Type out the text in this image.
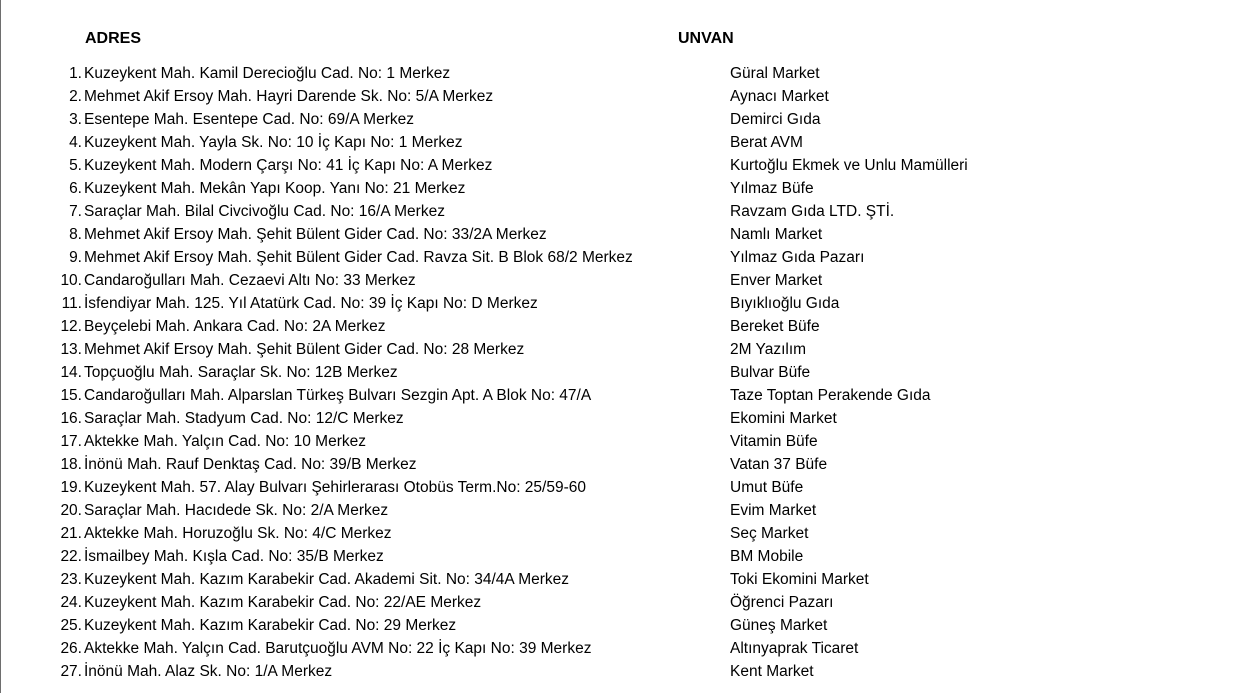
ADRES	UNVAN
1. Kuzeykent Mah. Kamil Derecioğlu Cad. No: 1 Merkez	Güral Market
2. Mehmet Akif Ersoy Mah. Hayri Darende Sk. No: 5/A Merkez	Aynacı Market
3. Esentepe Mah. Esentepe Cad. No: 69/A Merkez	Demirci Gıda
4. Kuzeykent Mah. Yayla Sk. No: 10 İç Kapı No: 1 Merkez	Berat AVM
5. Kuzeykent Mah. Modern Çarşı No: 41 İç Kapı No: A Merkez	Kurtoğlu Ekmek ve Unlu Mamülleri
6. Kuzeykent Mah. Mekân Yapı Koop. Yanı No: 21 Merkez	Yılmaz Büfe
7. Saraçlar Mah. Bilal Civcivoğlu Cad. No: 16/A Merkez	Ravzam Gıda LTD. ŞTİ.
8. Mehmet Akif Ersoy Mah. Şehit Bülent Gider Cad. No: 33/2A Merkez	Namlı Market
9. Mehmet Akif Ersoy Mah. Şehit Bülent Gider Cad. Ravza Sit. B Blok 68/2 Merkez	Yılmaz Gıda Pazarı
10. Candaroğulları Mah. Cezaevi Altı No: 33 Merkez	Enver Market
11. İsfendiyar Mah. 125. Yıl Atatürk Cad. No: 39 İç Kapı No: D Merkez	Bıyıklıoğlu Gıda
12. Beyçelebi Mah. Ankara Cad. No: 2A Merkez	Bereket Büfe
13. Mehmet Akif Ersoy Mah. Şehit Bülent Gider Cad. No: 28 Merkez	2M Yazılım
14. Topçuoğlu Mah. Saraçlar Sk. No: 12B Merkez	Bulvar Büfe
15. Candaroğulları Mah. Alparslan Türkeş Bulvarı Sezgin Apt. A Blok No: 47/A	Taze Toptan Perakende Gıda
16. Saraçlar Mah. Stadyum Cad. No: 12/C Merkez	Ekomini Market
17. Aktekke Mah. Yalçın Cad. No: 10 Merkez	Vitamin Büfe
18. İnönü Mah. Rauf Denktaş Cad. No: 39/B Merkez	Vatan 37 Büfe
19. Kuzeykent Mah. 57. Alay Bulvarı Şehirlerarası Otobüs Term.No: 25/59-60	Umut Büfe
20. Saraçlar Mah. Hacıdede Sk. No: 2/A Merkez	Evim Market
21. Aktekke Mah. Horuzoğlu Sk. No: 4/C Merkez	Seç Market
22. İsmailbey Mah. Kışla Cad. No: 35/B Merkez	BM Mobile
23. Kuzeykent Mah. Kazım Karabekir Cad. Akademi Sit. No: 34/4A Merkez	Toki Ekomini Market
24. Kuzeykent Mah. Kazım Karabekir Cad. No: 22/AE Merkez	Öğrenci Pazarı
25. Kuzeykent Mah. Kazım Karabekir Cad. No: 29 Merkez	Güneş Market
26. Aktekke Mah. Yalçın Cad. Barutçuoğlu AVM No: 22 İç Kapı No: 39 Merkez	Altınyaprak Ticaret
27. İnönü Mah. Alaz Sk. No: 1/A Merkez	Kent Market
